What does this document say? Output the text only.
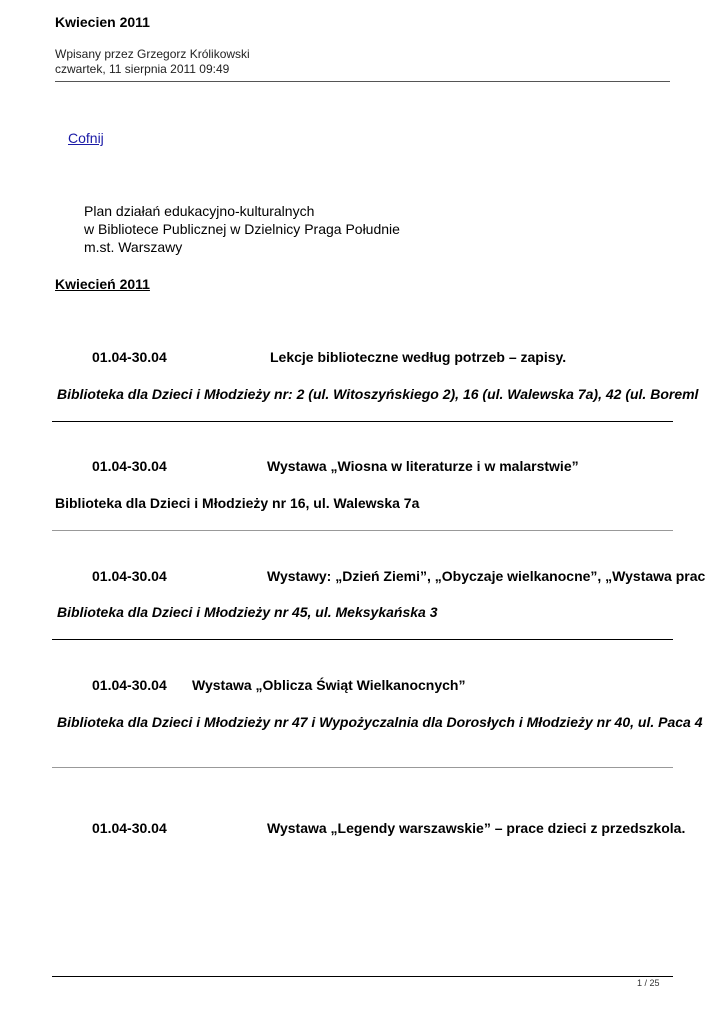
Kwiecien 2011
Wpisany przez Grzegorz Królikowski
czwartek, 11 sierpnia 2011 09:49
Cofnij
Plan działań edukacyjno-kulturalnych
w Bibliotece Publicznej w Dzielnicy Praga Południe
m.st. Warszawy
Kwiecień 2011
01.04-30.04	Lekcje biblioteczne według potrzeb – zapisy.
Biblioteka dla Dzieci i Młodzieży nr: 2 (ul. Witoszyńskiego 2), 16 (ul. Walewska 7a), 42 (ul. Boreml
01.04-30.04	Wystawa „Wiosna w literaturze i w malarstwie”
Biblioteka dla Dzieci i Młodzieży nr 16, ul. Walewska 7a
01.04-30.04	Wystawy: „Dzień Ziemi”, „Obyczaje wielkanocne”, „Wystawa prac
Biblioteka dla Dzieci i Młodzieży nr 45, ul. Meksykańska 3
01.04-30.04 Wystawa „Oblicza Świąt Wielkanocnych”
Biblioteka dla Dzieci i Młodzieży nr 47 i Wypożyczalnia dla Dorosłych i Młodzieży nr 40, ul. Paca 4
01.04-30.04	Wystawa „Legendy warszawskie” – prace dzieci z przedszkola.
1 / 25
